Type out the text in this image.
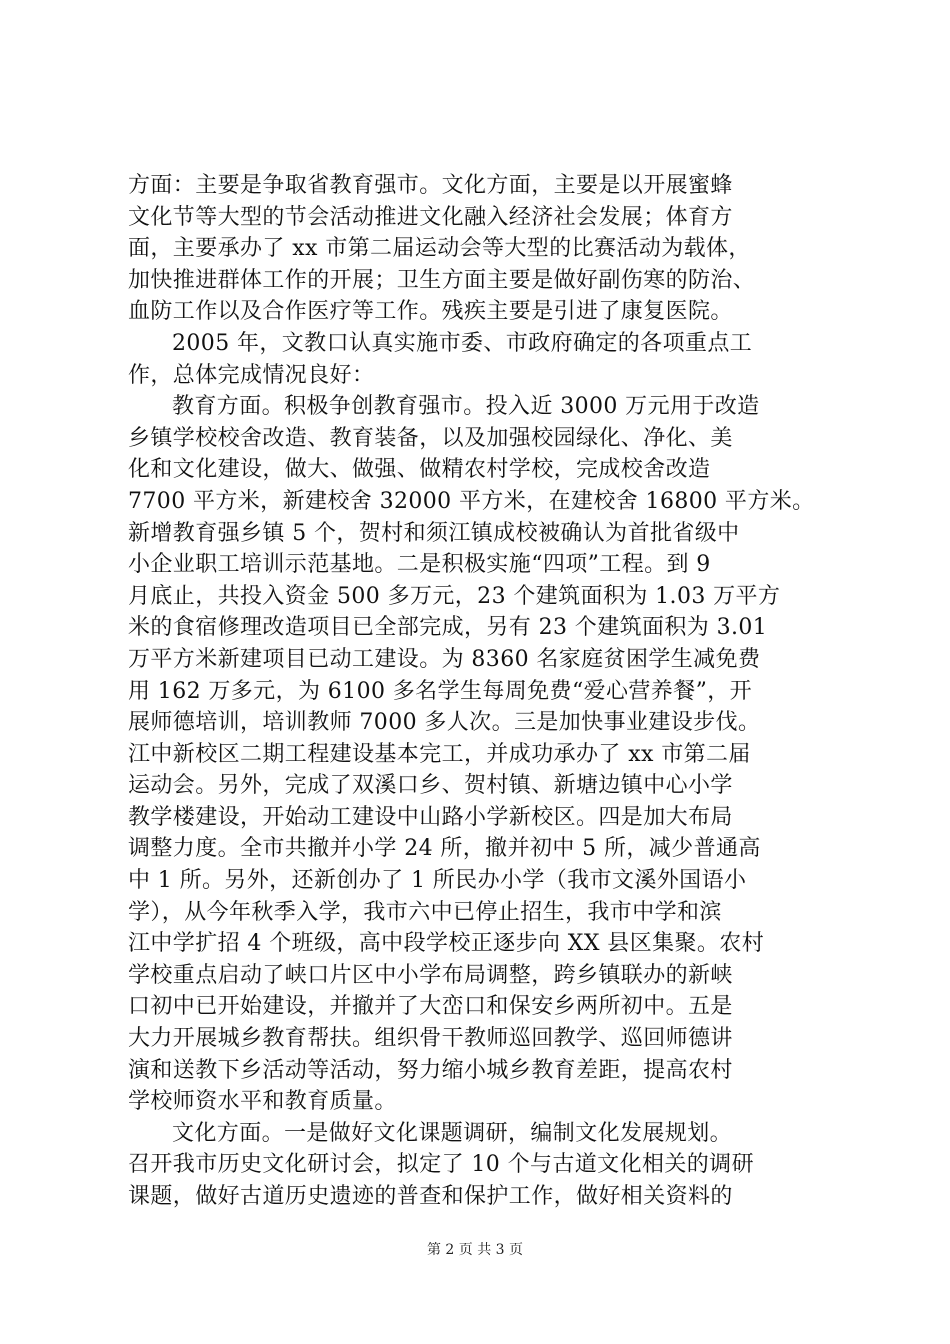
方面：主要是争取省教育强市。文化方面，主要是以开展蜜蜂
文化节等大型的节会活动推进文化融入经济社会发展；体育方
面，主要承办了 xx 市第二届运动会等大型的比赛活动为载体，
加快推进群体工作的开展；卫生方面主要是做好副伤寒的防治、
血防工作以及合作医疗等工作。残疾主要是引进了康复医院。
2005 年，文教口认真实施市委、市政府确定的各项重点工
作，总体完成情况良好：
教育方面。积极争创教育强市。投入近 3000 万元用于改造
乡镇学校校舍改造、教育装备，以及加强校园绿化、净化、美
化和文化建设，做大、做强、做精农村学校，完成校舍改造
7700 平方米，新建校舍 32000 平方米，在建校舍 16800 平方米。
新增教育强乡镇 5 个，贺村和须江镇成校被确认为首批省级中
小企业职工培训示范基地。二是积极实施“四项”工程。到 9
月底止，共投入资金 500 多万元，23 个建筑面积为 1.03 万平方
米的食宿修理改造项目已全部完成，另有 23 个建筑面积为 3.01
万平方米新建项目已动工建设。为 8360 名家庭贫困学生减免费
用 162 万多元，为 6100 多名学生每周免费“爱心营养餐”，开
展师德培训，培训教师 7000 多人次。三是加快事业建设步伐。
江中新校区二期工程建设基本完工，并成功承办了 xx 市第二届
运动会。另外，完成了双溪口乡、贺村镇、新塘边镇中心小学
教学楼建设，开始动工建设中山路小学新校区。四是加大布局
调整力度。全市共撤并小学 24 所，撤并初中 5 所，减少普通高
中 1 所。另外，还新创办了 1 所民办小学（我市文溪外国语小
学），从今年秋季入学，我市六中已停止招生，我市中学和滨
江中学扩招 4 个班级，高中段学校正逐步向 XX 县区集聚。农村
学校重点启动了峡口片区中小学布局调整，跨乡镇联办的新峡
口初中已开始建设，并撤并了大峦口和保安乡两所初中。五是
大力开展城乡教育帮扶。组织骨干教师巡回教学、巡回师德讲
演和送教下乡活动等活动，努力缩小城乡教育差距，提高农村
学校师资水平和教育质量。
文化方面。一是做好文化课题调研，编制文化发展规划。
召开我市历史文化研讨会，拟定了 10 个与古道文化相关的调研
课题，做好古道历史遗迹的普查和保护工作，做好相关资料的
第 2 页 共 3 页
